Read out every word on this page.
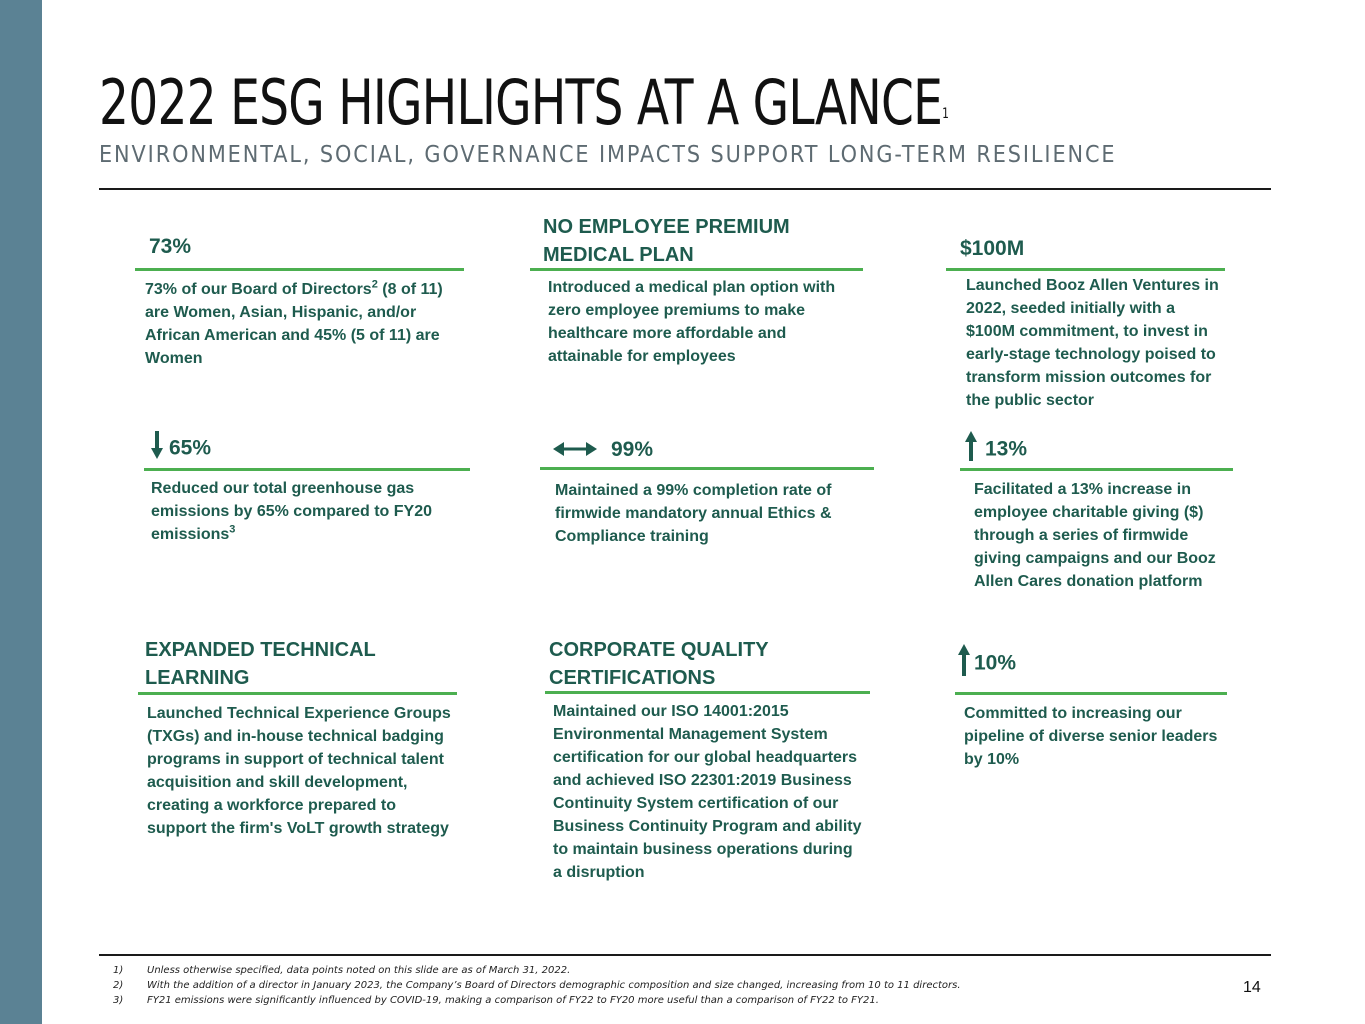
2022 ESG HIGHLIGHTS AT A GLANCE$^1$
ENVIRONMENTAL, SOCIAL, GOVERNANCE IMPACTS SUPPORT LONG-TERM RESILIENCE
73%
73% of our Board of Directors$^2$ (8 of 11) are Women, Asian, Hispanic, and/or African American and 45% (5 of 11) are Women
NO EMPLOYEE PREMIUM
MEDICAL PLAN
Introduced a medical plan option with zero employee premiums to make healthcare more affordable and attainable for employees
$100M
Launched Booz Allen Ventures in 2022, seeded initially with a $100M commitment, to invest in early-stage technology poised to transform mission outcomes for the public sector
65%
Reduced our total greenhouse gas emissions by 65% compared to FY20 emissions$^3$
99%
Maintained a 99% completion rate of firmwide mandatory annual Ethics & Compliance training
13%
Facilitated a 13% increase in employee charitable giving ($) through a series of firmwide giving campaigns and our Booz Allen Cares donation platform
EXPANDED TECHNICAL
LEARNING
Launched Technical Experience Groups (TXGs) and in-house technical badging programs in support of technical talent acquisition and skill development, creating a workforce prepared to support the firm's VoLT growth strategy
CORPORATE QUALITY
CERTIFICATIONS
Maintained our ISO 14001:2015 Environmental Management System certification for our global headquarters and achieved ISO 22301:2019 Business Continuity System certification of our Business Continuity Program and ability to maintain business operations during a disruption
10%
Committed to increasing our pipeline of diverse senior leaders by 10%
1)	Unless otherwise specified, data points noted on this slide are as of March 31, 2022.
2)	With the addition of a director in January 2023, the Company’s Board of Directors demographic composition and size changed, increasing from 10 to 11 directors.
3)	FY21 emissions were significantly influenced by COVID-19, making a comparison of FY22 to FY20 more useful than a comparison of FY22 to FY21.
14
